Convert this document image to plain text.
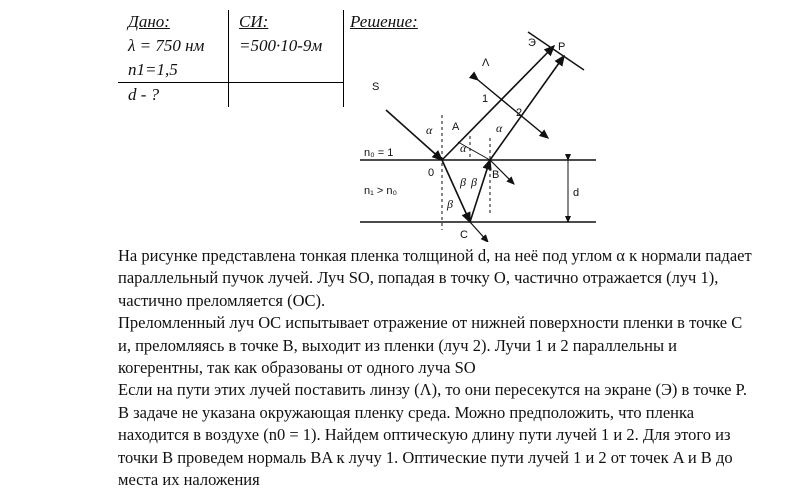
Дано:	СИ:	Решение:
λ = 750 нм	=500·10-9м	
n1=1,5		
d - ?		
d
S
Э P
Λ
A
B
0
C
1
2
α
α
α
β β
β
n₀ = 1
n₁ > n₀

На рисунке представлена тонкая пленка толщиной d, на неё под углом α к нормали падает параллельный пучок лучей. Луч SO, попадая в точку O, частично отражается (луч 1), частично преломляется (OC).

Преломленный луч OC испытывает отражение от нижней поверхности пленки в точке C и, преломляясь в точке B, выходит из пленки (луч 2). Лучи 1 и 2 параллельны и когерентны, так как образованы от одного луча SO

Если на пути этих лучей поставить линзу (Λ), то они пересекутся на экране (Э) в точке P. В задаче не указана окружающая пленку среда. Можно предположить, что пленка находится в воздухе (n0 = 1). Найдем оптическую длину пути лучей 1 и 2. Для этого из точки B проведем нормаль BA к лучу 1. Оптические пути лучей 1 и 2 от точек A и B до места их наложения
